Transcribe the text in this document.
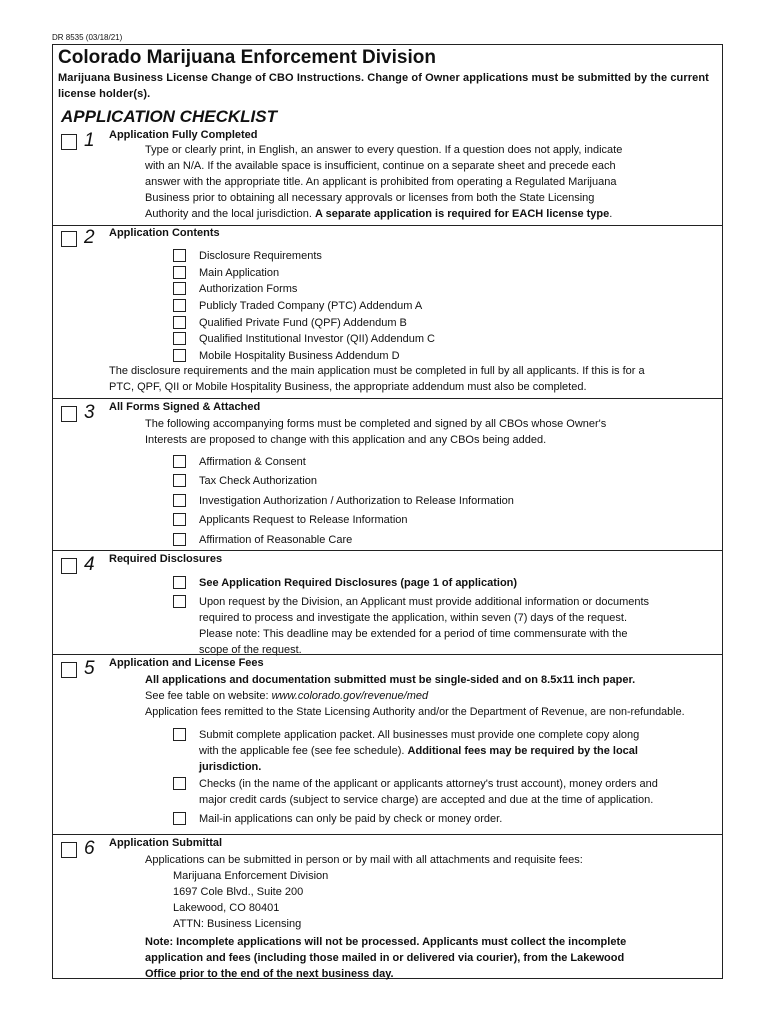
DR 8535 (03/18/21)
Colorado Marijuana Enforcement Division
Marijuana Business License Change of CBO Instructions. Change of Owner applications must be submitted by the current license holder(s).
APPLICATION CHECKLIST
1 Application Fully Completed
Type or clearly print, in English, an answer to every question. If a question does not apply, indicate
with an N/A. If the available space is insufficient, continue on a separate sheet and precede each
answer with the appropriate title. An applicant is prohibited from operating a Regulated Marijuana
Business prior to obtaining all necessary approvals or licenses from both the State Licensing
Authority and the local jurisdiction. A separate application is required for EACH license type.
2 Application Contents
Disclosure Requirements
Main Application
Authorization Forms
Publicly Traded Company (PTC) Addendum A
Qualified Private Fund (QPF) Addendum B
Qualified Institutional Investor (QII) Addendum C
Mobile Hospitality Business Addendum D
The disclosure requirements and the main application must be completed in full by all applicants. If this is for a
PTC, QPF, QII or Mobile Hospitality Business, the appropriate addendum must also be completed.
3 All Forms Signed & Attached
The following accompanying forms must be completed and signed by all CBOs whose Owner's
Interests are proposed to change with this application and any CBOs being added.
Affirmation & Consent
Tax Check Authorization
Investigation Authorization / Authorization to Release Information
Applicants Request to Release Information
Affirmation of Reasonable Care
4 Required Disclosures
See Application Required Disclosures (page 1 of application)
Upon request by the Division, an Applicant must provide additional information or documents
required to process and investigate the application, within seven (7) days of the request.
Please note: This deadline may be extended for a period of time commensurate with the
scope of the request.
5 Application and License Fees
All applications and documentation submitted must be single-sided and on 8.5x11 inch paper.
See fee table on website: www.colorado.gov/revenue/med
Application fees remitted to the State Licensing Authority and/or the Department of Revenue, are non-refundable.
Submit complete application packet. All businesses must provide one complete copy along
with the applicable fee (see fee schedule). Additional fees may be required by the local
jurisdiction.
Checks (in the name of the applicant or applicants attorney's trust account), money orders and
major credit cards (subject to service charge) are accepted and due at the time of application.
Mail-in applications can only be paid by check or money order.
6 Application Submittal
Applications can be submitted in person or by mail with all attachments and requisite fees:
Marijuana Enforcement Division
1697 Cole Blvd., Suite 200
Lakewood, CO 80401
ATTN: Business Licensing
Note: Incomplete applications will not be processed. Applicants must collect the incomplete
application and fees (including those mailed in or delivered via courier), from the Lakewood
Office prior to the end of the next business day.
